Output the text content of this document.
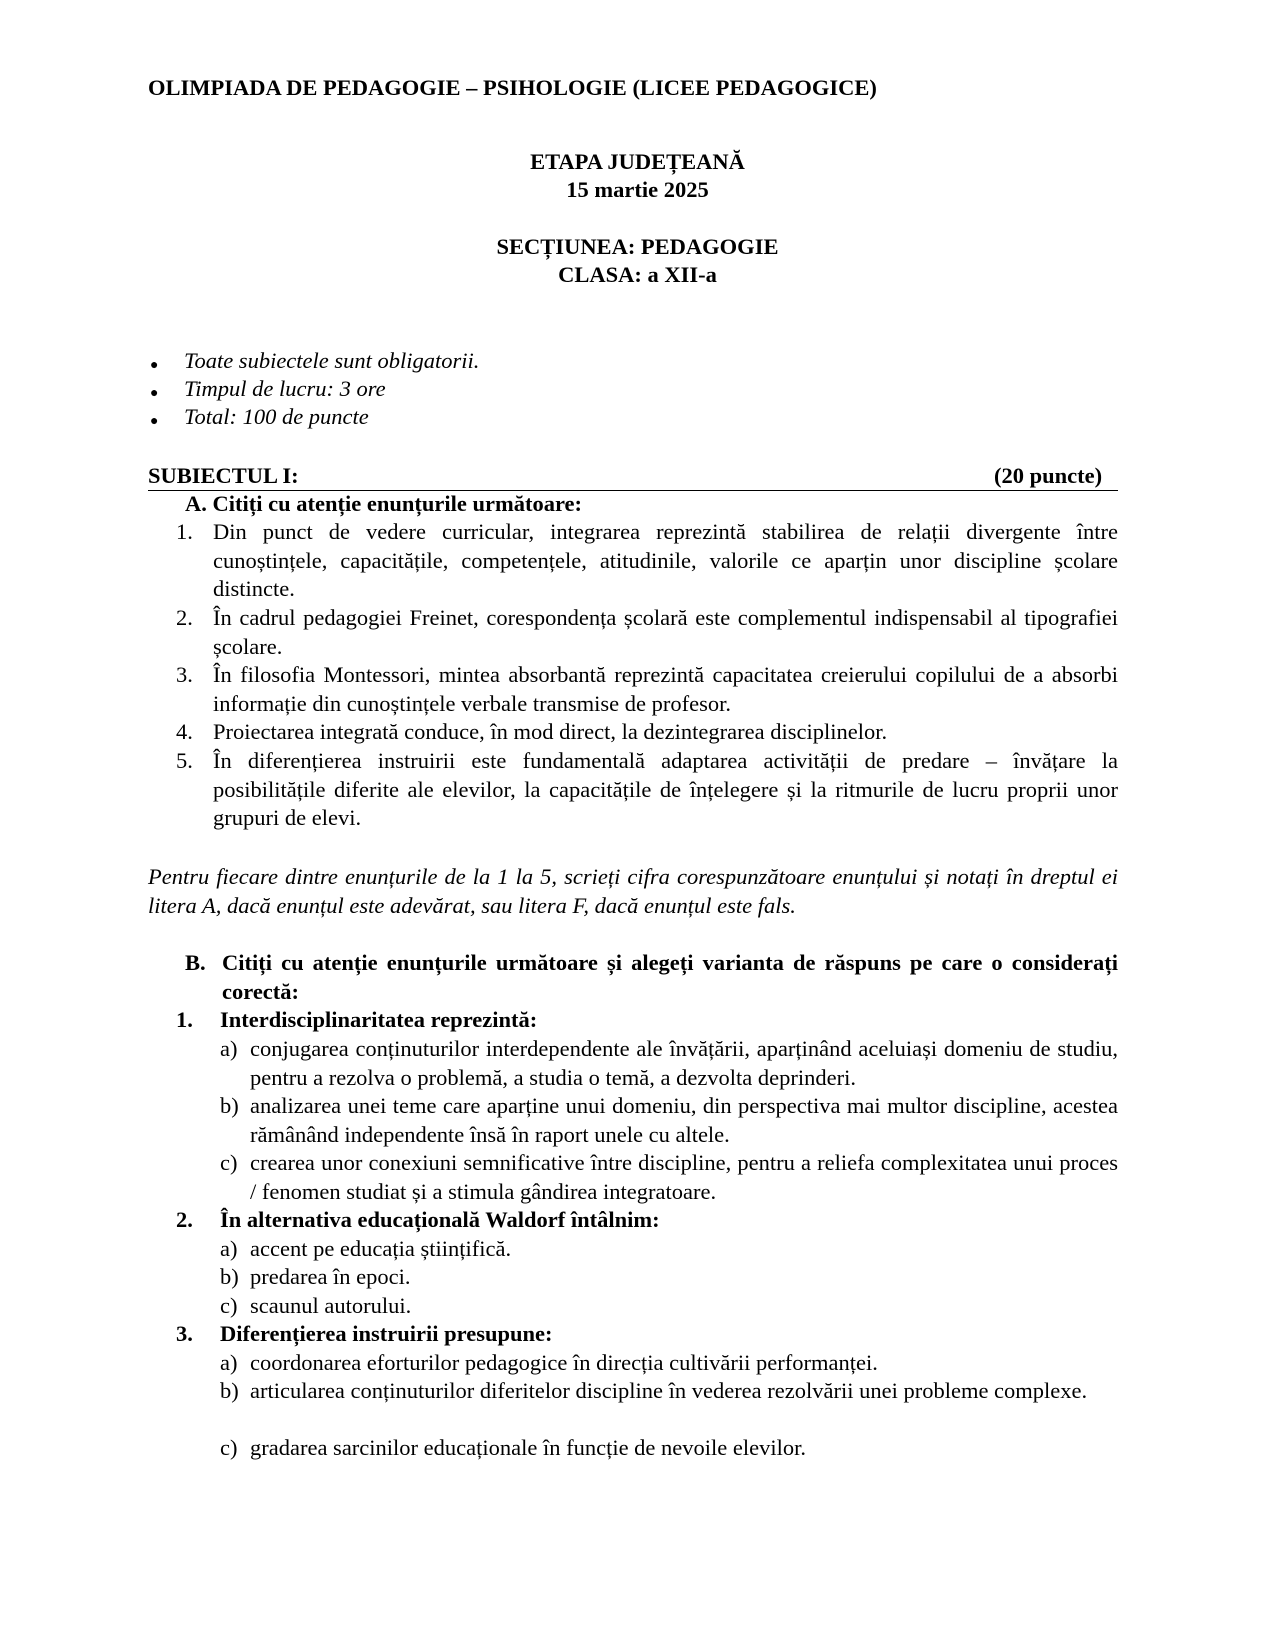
OLIMPIADA DE PEDAGOGIE – PSIHOLOGIE (LICEE PEDAGOGICE)
ETAPA JUDEȚEANĂ
15 martie 2025
SECȚIUNEA: PEDAGOGIE
CLASA: a XII-a
● Toate subiectele sunt obligatorii.
● Timpul de lucru: 3 ore
● Total: 100 de puncte
SUBIECTUL I:	(20 puncte)
A. Citiți cu atenție enunțurile următoare:
1. Din punct de vedere curricular, integrarea reprezintă stabilirea de relații divergente între cunoștințele, capacitățile, competențele, atitudinile, valorile ce aparțin unor discipline școlare distincte.
2. În cadrul pedagogiei Freinet, corespondența școlară este complementul indispensabil al tipografiei școlare.
3. În filosofia Montessori, mintea absorbantă reprezintă capacitatea creierului copilului de a absorbi informație din cunoștințele verbale transmise de profesor.
4. Proiectarea integrată conduce, în mod direct, la dezintegrarea disciplinelor.
5. În diferențierea instruirii este fundamentală adaptarea activității de predare – învățare la posibilitățile diferite ale elevilor, la capacitățile de înțelegere și la ritmurile de lucru proprii unor grupuri de elevi.
Pentru fiecare dintre enunțurile de la 1 la 5, scrieți cifra corespunzătoare enunțului și notați în dreptul ei litera A, dacă enunțul este adevărat, sau litera F, dacă enunțul este fals.
B. Citiți cu atenție enunțurile următoare și alegeți varianta de răspuns pe care o considerați corectă:
1. Interdisciplinaritatea reprezintă:
a) conjugarea conținuturilor interdependente ale învățării, aparținând aceluiași domeniu de studiu, pentru a rezolva o problemă, a studia o temă, a dezvolta deprinderi.
b) analizarea unei teme care aparține unui domeniu, din perspectiva mai multor discipline, acestea rămânând independente însă în raport unele cu altele.
c) crearea unor conexiuni semnificative între discipline, pentru a reliefa complexitatea unui proces / fenomen studiat și a stimula gândirea integratoare.
2. În alternativa educațională Waldorf întâlnim:
a) accent pe educația științifică.
b) predarea în epoci.
c) scaunul autorului.
3. Diferențierea instruirii presupune:
a) coordonarea eforturilor pedagogice în direcția cultivării performanței.
b) articularea conținuturilor diferitelor discipline în vederea rezolvării unei probleme complexe.
c) gradarea sarcinilor educaționale în funcție de nevoile elevilor.
